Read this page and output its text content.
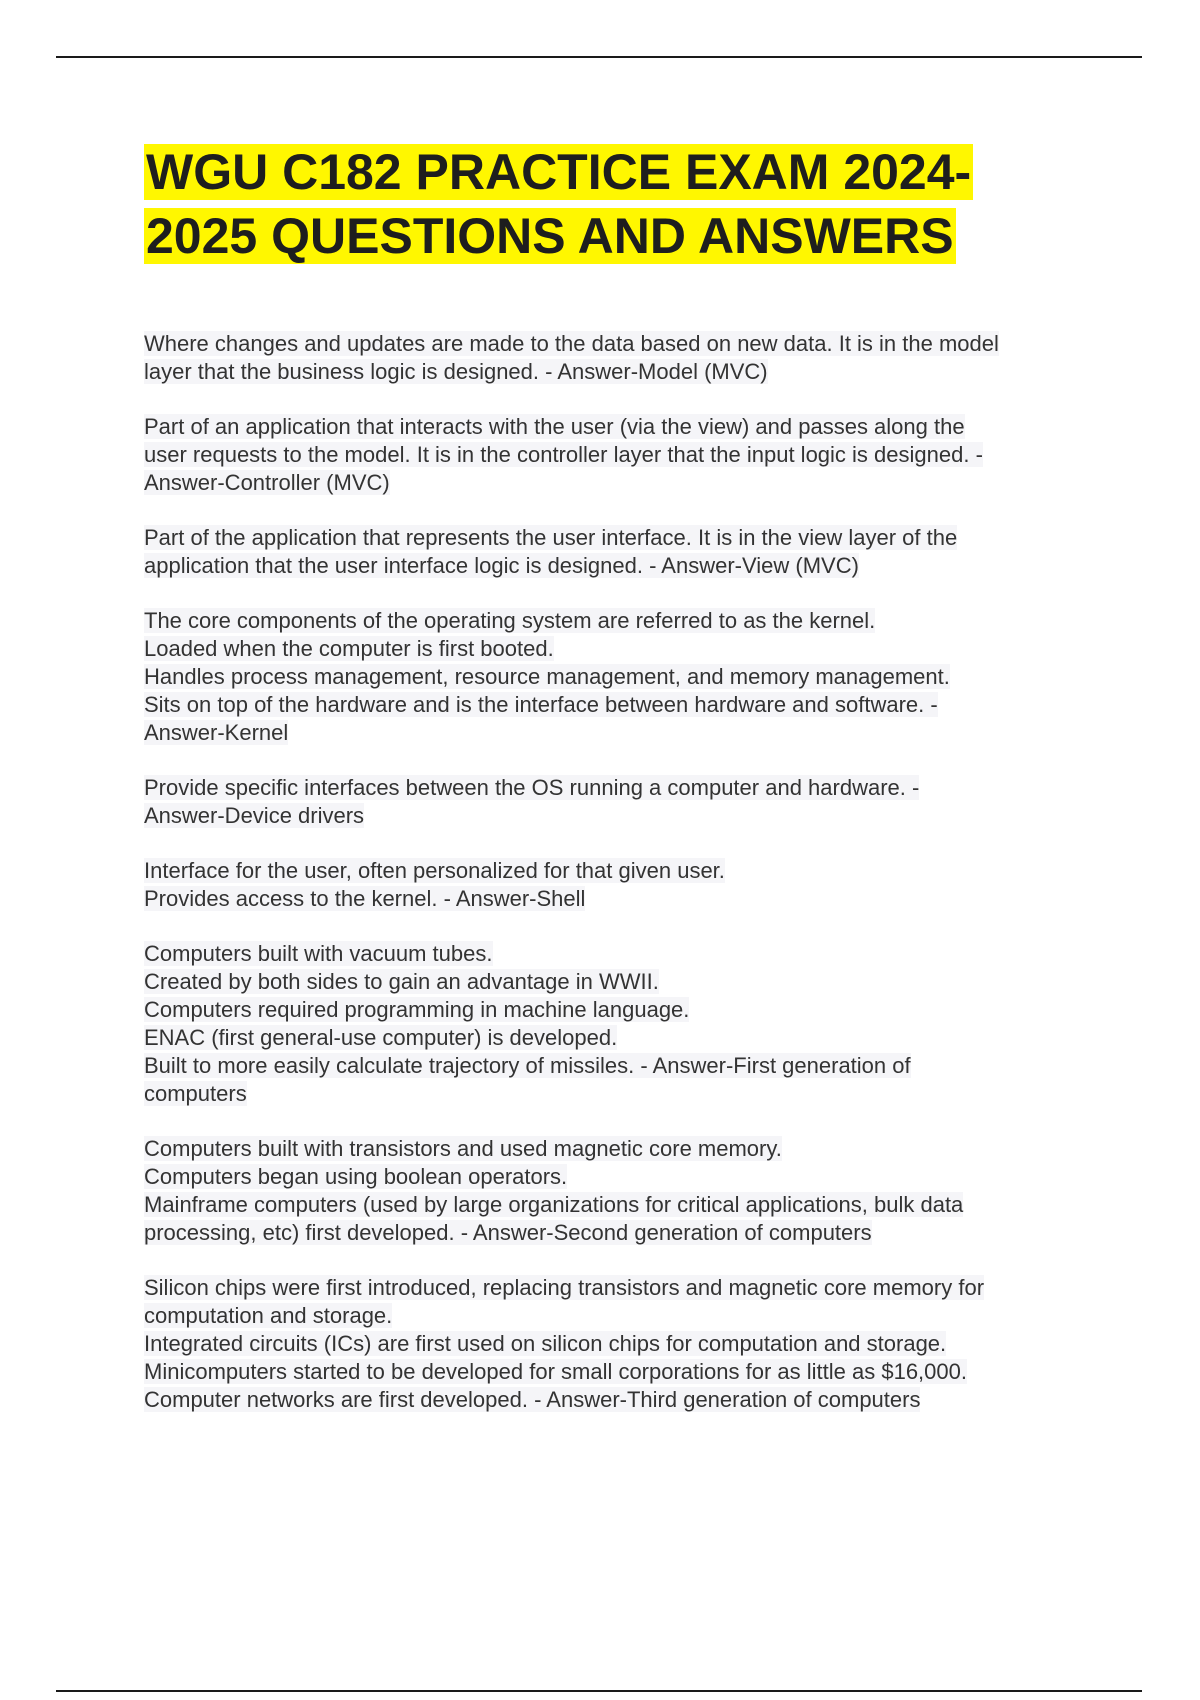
WGU C182 PRACTICE EXAM 2024-
2025 QUESTIONS AND ANSWERS
Where changes and updates are made to the data based on new data. It is in the model
layer that the business logic is designed. - Answer-Model (MVC)
Part of an application that interacts with the user (via the view) and passes along the
user requests to the model. It is in the controller layer that the input logic is designed. -
Answer-Controller (MVC)
Part of the application that represents the user interface. It is in the view layer of the
application that the user interface logic is designed. - Answer-View (MVC)
The core components of the operating system are referred to as the kernel.
Loaded when the computer is first booted.
Handles process management, resource management, and memory management.
Sits on top of the hardware and is the interface between hardware and software. -
Answer-Kernel
Provide specific interfaces between the OS running a computer and hardware. -
Answer-Device drivers
Interface for the user, often personalized for that given user.
Provides access to the kernel. - Answer-Shell
Computers built with vacuum tubes.
Created by both sides to gain an advantage in WWII.
Computers required programming in machine language.
ENAC (first general-use computer) is developed.
Built to more easily calculate trajectory of missiles. - Answer-First generation of
computers
Computers built with transistors and used magnetic core memory.
Computers began using boolean operators.
Mainframe computers (used by large organizations for critical applications, bulk data
processing, etc) first developed. - Answer-Second generation of computers
Silicon chips were first introduced, replacing transistors and magnetic core memory for
computation and storage.
Integrated circuits (ICs) are first used on silicon chips for computation and storage.
Minicomputers started to be developed for small corporations for as little as $16,000.
Computer networks are first developed. - Answer-Third generation of computers
